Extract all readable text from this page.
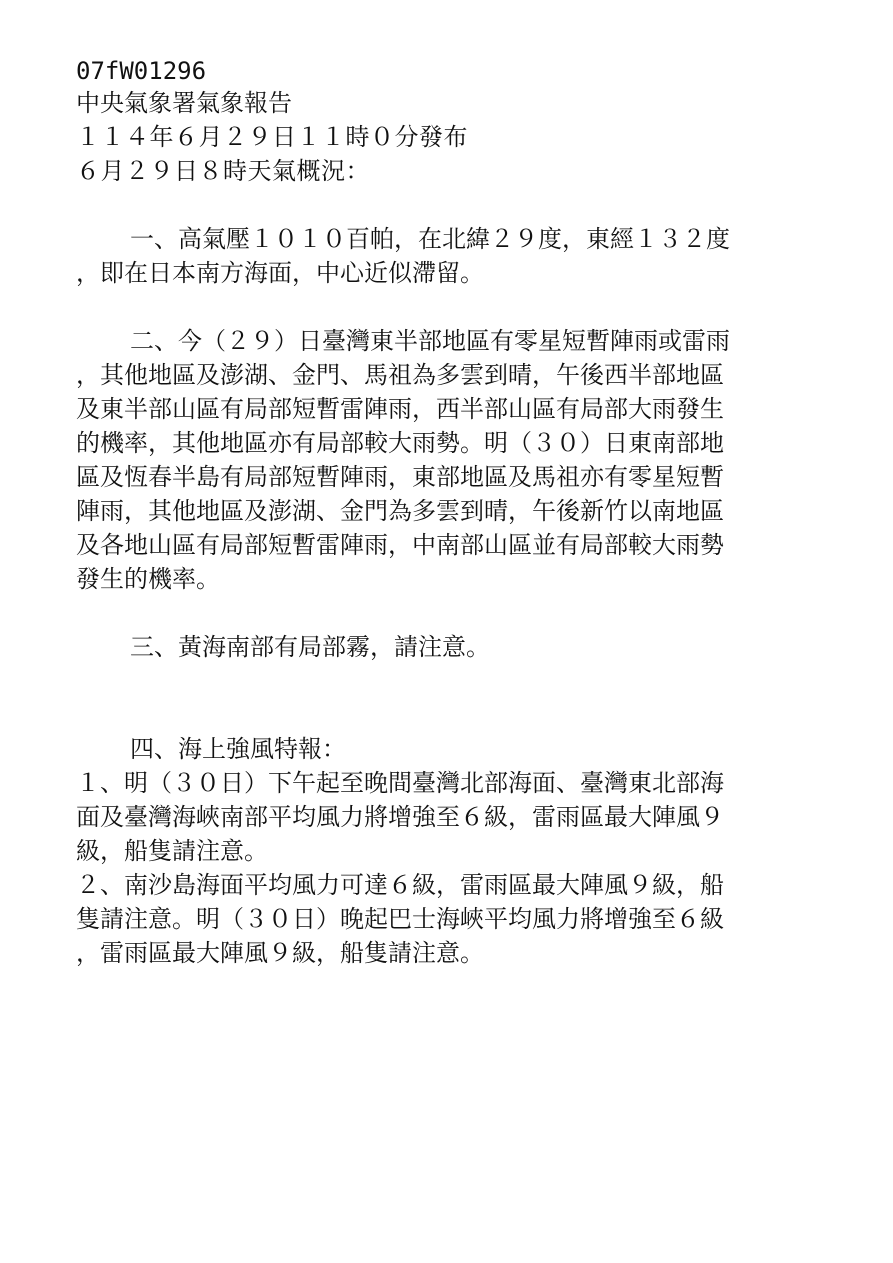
07fW01296
中央氣象署氣象報告
１１４年６月２９日１１時０分發布
６月２９日８時天氣概況：
一、高氣壓１０１０百帕，在北緯２９度，東經１３２度
，即在日本南方海面，中心近似滯留。
二、今（２９）日臺灣東半部地區有零星短暫陣雨或雷雨
，其他地區及澎湖、金門、馬祖為多雲到晴，午後西半部地區
及東半部山區有局部短暫雷陣雨，西半部山區有局部大雨發生
的機率，其他地區亦有局部較大雨勢。明（３０）日東南部地
區及恆春半島有局部短暫陣雨，東部地區及馬祖亦有零星短暫
陣雨，其他地區及澎湖、金門為多雲到晴，午後新竹以南地區
及各地山區有局部短暫雷陣雨，中南部山區並有局部較大雨勢
發生的機率。
三、黃海南部有局部霧，請注意。
四、海上強風特報：
１、明（３０日）下午起至晚間臺灣北部海面、臺灣東北部海
面及臺灣海峽南部平均風力將增強至６級，雷雨區最大陣風９
級，船隻請注意。
２、南沙島海面平均風力可達６級，雷雨區最大陣風９級，船
隻請注意。明（３０日）晚起巴士海峽平均風力將增強至６級
，雷雨區最大陣風９級，船隻請注意。
